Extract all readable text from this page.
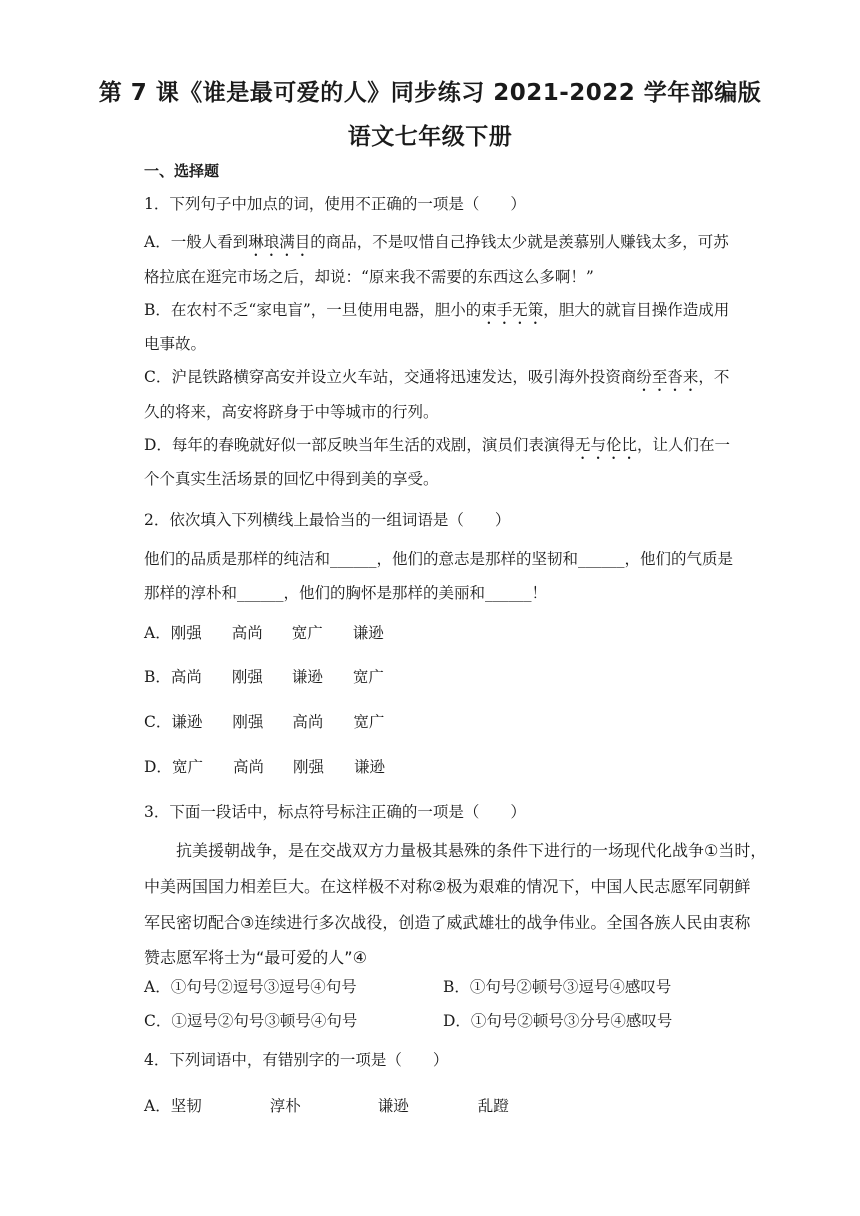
第 7 课《谁是最可爱的人》同步练习 2021-2022 学年部编版
语文七年级下册
一、选择题
1．下列句子中加点的词，使用不正确的一项是（　　）
A．一般人看到琳琅满目的商品，不是叹惜自己挣钱太少就是羡慕别人赚钱太多，可苏
格拉底在逛完市场之后，却说：“原来我不需要的东西这么多啊！”
B．在农村不乏“家电盲”，一旦使用电器，胆小的束手无策，胆大的就盲目操作造成用
电事故。
C．沪昆铁路横穿高安并设立火车站，交通将迅速发达，吸引海外投资商纷至沓来，不
久的将来，高安将跻身于中等城市的行列。
D．每年的春晚就好似一部反映当年生活的戏剧，演员们表演得无与伦比，让人们在一
个个真实生活场景的回忆中得到美的享受。
2．依次填入下列横线上最恰当的一组词语是（　　）
他们的品质是那样的纯洁和______，他们的意志是那样的坚韧和______，他们的气质是
那样的淳朴和______，他们的胸怀是那样的美丽和______！
A．刚强 高尚 宽广 谦逊
B．高尚 刚强 谦逊 宽广
C．谦逊 刚强 高尚 宽广
D．宽广 高尚 刚强 谦逊
3．下面一段话中，标点符号标注正确的一项是（　　）
　　抗美援朝战争，是在交战双方力量极其悬殊的条件下进行的一场现代化战争①当时，
中美两国国力相差巨大。在这样极不对称②极为艰难的情况下，中国人民志愿军同朝鲜
军民密切配合③连续进行多次战役，创造了威武雄壮的战争伟业。全国各族人民由衷称
赞志愿军将士为“最可爱的人”④
A．①句号②逗号③逗号④句号	B．①句号②顿号③逗号④感叹号
C．①逗号②句号③顿号④句号	D．①句号②顿号③分号④感叹号
4．下列词语中，有错别字的一项是（　　）
A．坚韧	淳朴	谦逊	乱蹬
